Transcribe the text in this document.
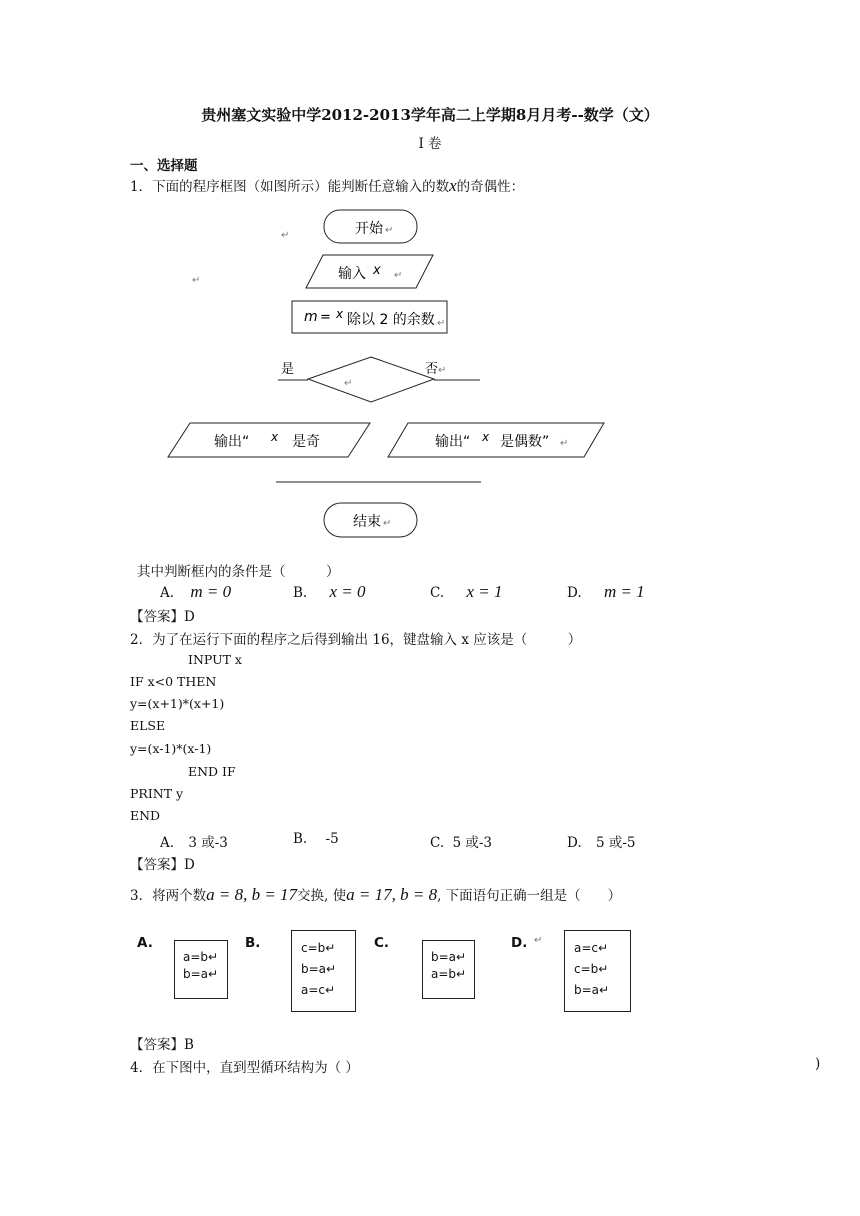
贵州塞文实验中学2012-2013学年高二上学期8月月考--数学（文）
I 卷
一、选择题
1．下面的程序框图（如图所示）能判断任意输入的数x的奇偶性：
↵
↵
开始 ↵
输入 x ↵
m = x 除以 2 的余数 ↵
↵
是	否 ↵
输出“ x 是奇	输出“ x 是偶数” ↵
结束 ↵
其中判断框内的条件是（　　　）
A. m = 0	B. x = 0	C. x = 1	D. m = 1
【答案】D
2．为了在运行下面的程序之后得到输出 16，键盘输入 x 应该是（　　　）
INPUT x
IF x<0 THEN
y=(x+1)*(x+1)
ELSE
y=(x-1)*(x-1)
END IF
PRINT y
END
A. 3 或-3	B. -5	C. 5 或-3	D. 5 或-5
【答案】D
3．将两个数a = 8, b = 17交换, 使a = 17, b = 8, 下面语句正确一组是（　　）
A.
a=b↵
b=a↵
B.	c=b↵
b=a↵
a=c↵
C.
b=a↵
a=b↵
D. ↵
a=c↵
c=b↵
b=a↵
【答案】B
4．在下图中，直到型循环结构为（ ）	)
